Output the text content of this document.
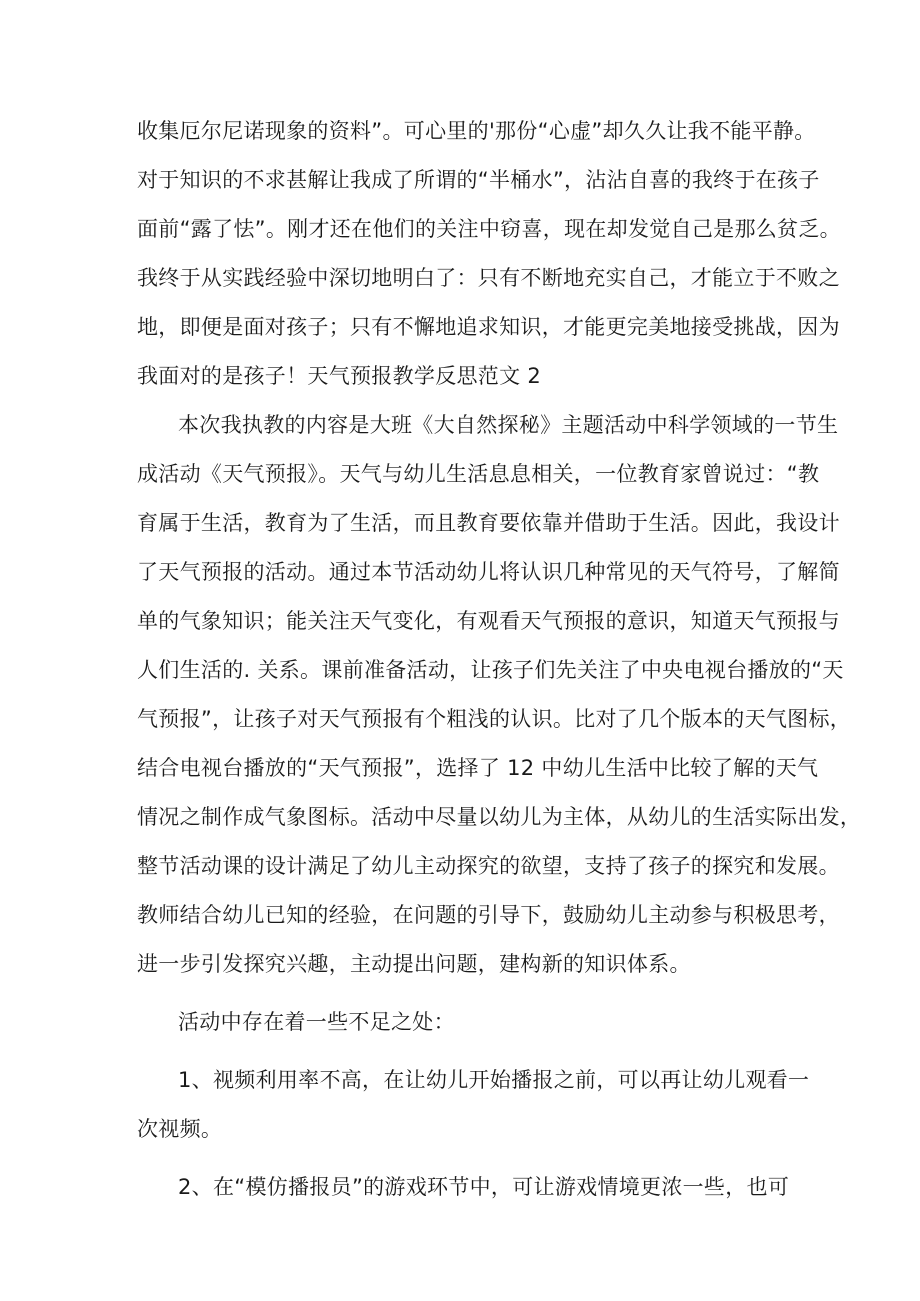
收集厄尔尼诺现象的资料”。可心里的'那份“心虚”却久久让我不能平静。
对于知识的不求甚解让我成了所谓的“半桶水”，沾沾自喜的我终于在孩子
面前“露了怯”。刚才还在他们的关注中窃喜，现在却发觉自己是那么贫乏。
我终于从实践经验中深切地明白了：只有不断地充实自己，才能立于不败之
地，即便是面对孩子；只有不懈地追求知识，才能更完美地接受挑战，因为
我面对的是孩子！天气预报教学反思范文 2
本次我执教的内容是大班《大自然探秘》主题活动中科学领域的一节生
成活动《天气预报》。天气与幼儿生活息息相关，一位教育家曾说过：“教
育属于生活，教育为了生活，而且教育要依靠并借助于生活。因此，我设计
了天气预报的活动。通过本节活动幼儿将认识几种常见的天气符号，了解简
单的气象知识；能关注天气变化，有观看天气预报的意识，知道天气预报与
人们生活的. 关系。课前准备活动，让孩子们先关注了中央电视台播放的“天
气预报”，让孩子对天气预报有个粗浅的认识。比对了几个版本的天气图标，
结合电视台播放的“天气预报”，选择了 12 中幼儿生活中比较了解的天气
情况之制作成气象图标。活动中尽量以幼儿为主体，从幼儿的生活实际出发，
整节活动课的设计满足了幼儿主动探究的欲望，支持了孩子的探究和发展。
教师结合幼儿已知的经验，在问题的引导下，鼓励幼儿主动参与积极思考，
进一步引发探究兴趣，主动提出问题，建构新的知识体系。
活动中存在着一些不足之处：
1、视频利用率不高，在让幼儿开始播报之前，可以再让幼儿观看一
次视频。
2、在“模仿播报员”的游戏环节中，可让游戏情境更浓一些，也可
